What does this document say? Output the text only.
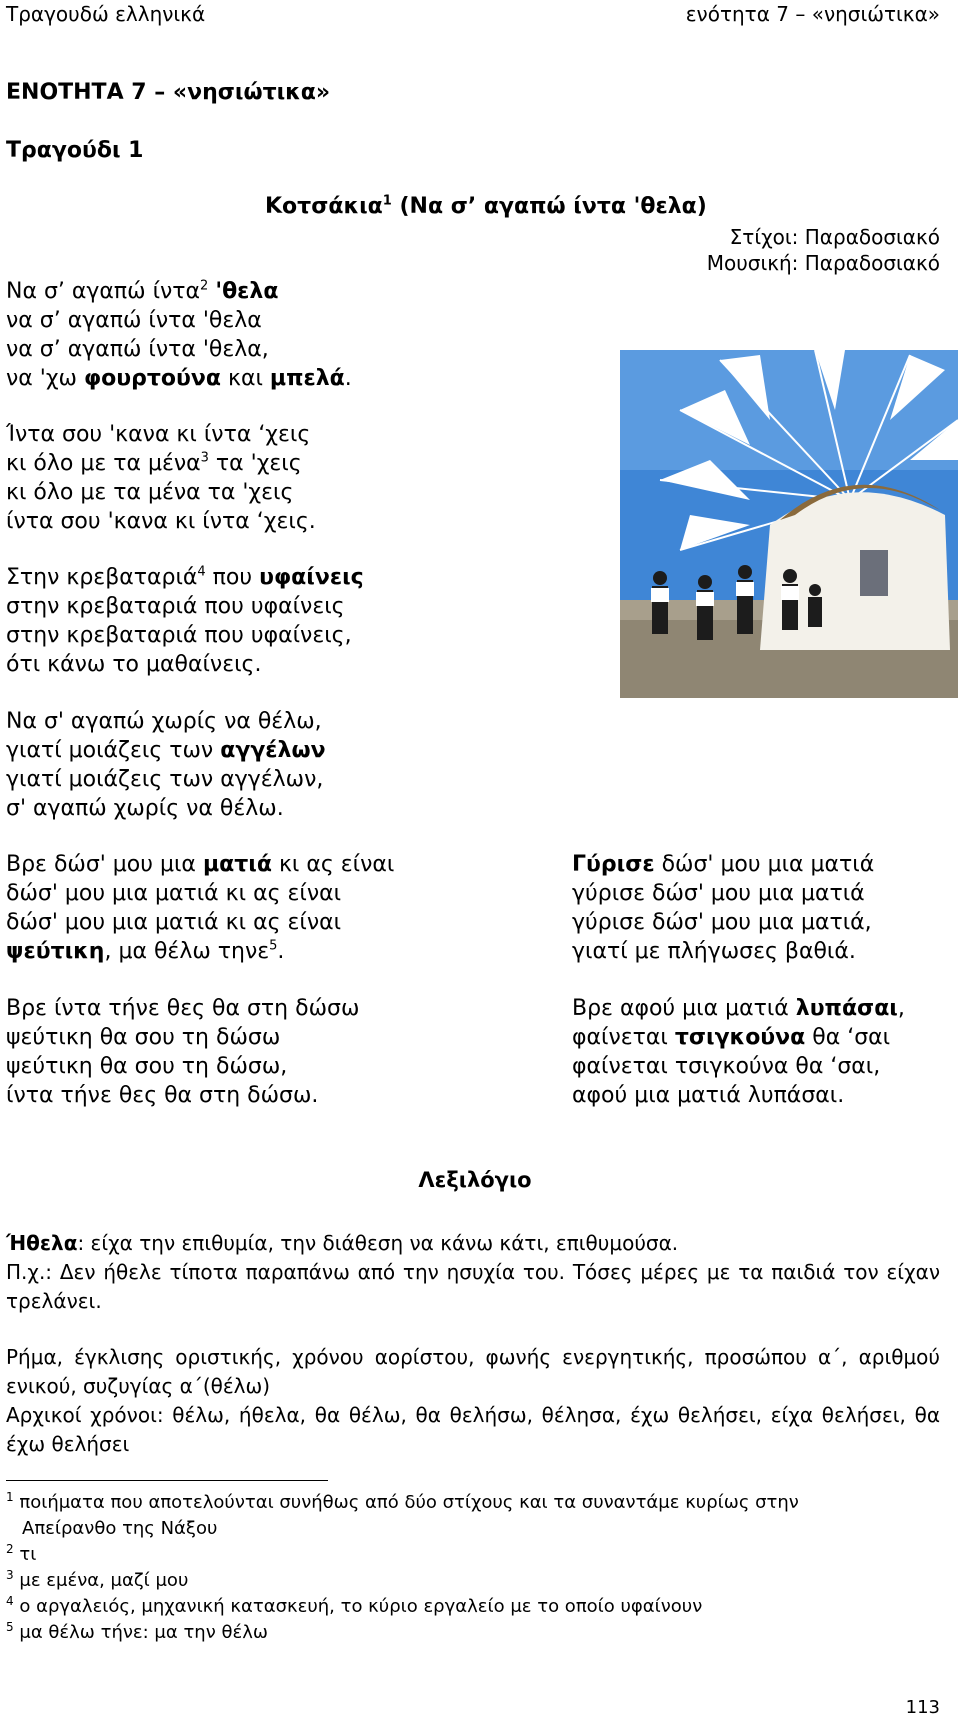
Τραγουδώ ελληνικά	ενότητα 7 – «νησιώτικα»
ΕΝΟΤΗΤΑ 7 – «νησιώτικα»
Τραγούδι 1
Κοτσάκια$^1$ (Να σ’ αγαπώ ίντα 'θελα)
Στίχοι: Παραδοσιακό
Μουσική: Παραδοσιακό
Να σ’ αγαπώ ίντα$^2$ 'θελα
να σ’ αγαπώ ίντα 'θελα
να σ’ αγαπώ ίντα 'θελα,
να 'χω φουρτούνα και μπελά.
Ίντα σου 'κανα κι ίντα ‘χεις
κι όλο με τα μένα$^3$ τα 'χεις
κι όλο με τα μένα τα 'χεις
ίντα σου 'κανα κι ίντα ‘χεις.
Στην κρεβαταριά$^4$ που υφαίνεις
στην κρεβαταριά που υφαίνεις
στην κρεβαταριά που υφαίνεις,
ότι κάνω το μαθαίνεις.
Να σ' αγαπώ χωρίς να θέλω,
γιατί μοιάζεις των αγγέλων
γιατί μοιάζεις των αγγέλων,
σ' αγαπώ χωρίς να θέλω.
Βρε δώσ' μου μια ματιά κι ας είναι
δώσ' μου μια ματιά κι ας είναι
δώσ' μου μια ματιά κι ας είναι
ψεύτικη, μα θέλω τηνε$^5$.
Βρε ίντα τήνε θες θα στη δώσω
ψεύτικη θα σου τη δώσω
ψεύτικη θα σου τη δώσω,
ίντα τήνε θες θα στη δώσω.
Γύρισε δώσ' μου μια ματιά
γύρισε δώσ' μου μια ματιά
γύρισε δώσ' μου μια ματιά,
γιατί με πλήγωσες βαθιά.
Βρε αφού μια ματιά λυπάσαι,
φαίνεται τσιγκούνα θα ‘σαι
φαίνεται τσιγκούνα θα ‘σαι,
αφού μια ματιά λυπάσαι.
Λεξιλόγιο
Ήθελα: είχα την επιθυμία, την διάθεση να κάνω κάτι, επιθυμούσα.
Π.χ.: Δεν ήθελε τίποτα παραπάνω από την ησυχία του. Τόσες μέρες με τα παιδιά τον είχαν τρελάνει.
Ρήμα, έγκλισης οριστικής, χρόνου αορίστου, φωνής ενεργητικής, προσώπου α΄, αριθμού ενικού, συζυγίας α΄(θέλω)
Αρχικοί χρόνοι: θέλω, ήθελα, θα θέλω, θα θελήσω, θέλησα, έχω θελήσει, είχα θελήσει, θα έχω θελήσει
$^1$ ποιήματα που αποτελούνται συνήθως από δύο στίχους και τα συναντάμε κυρίως στην
Απείρανθο της Νάξου
$^2$ τι
$^3$ με εμένα, μαζί μου
$^4$ ο αργαλειός, μηχανική κατασκευή, το κύριο εργαλείο με το οποίο υφαίνουν
$^5$ μα θέλω τήνε: μα την θέλω
113
